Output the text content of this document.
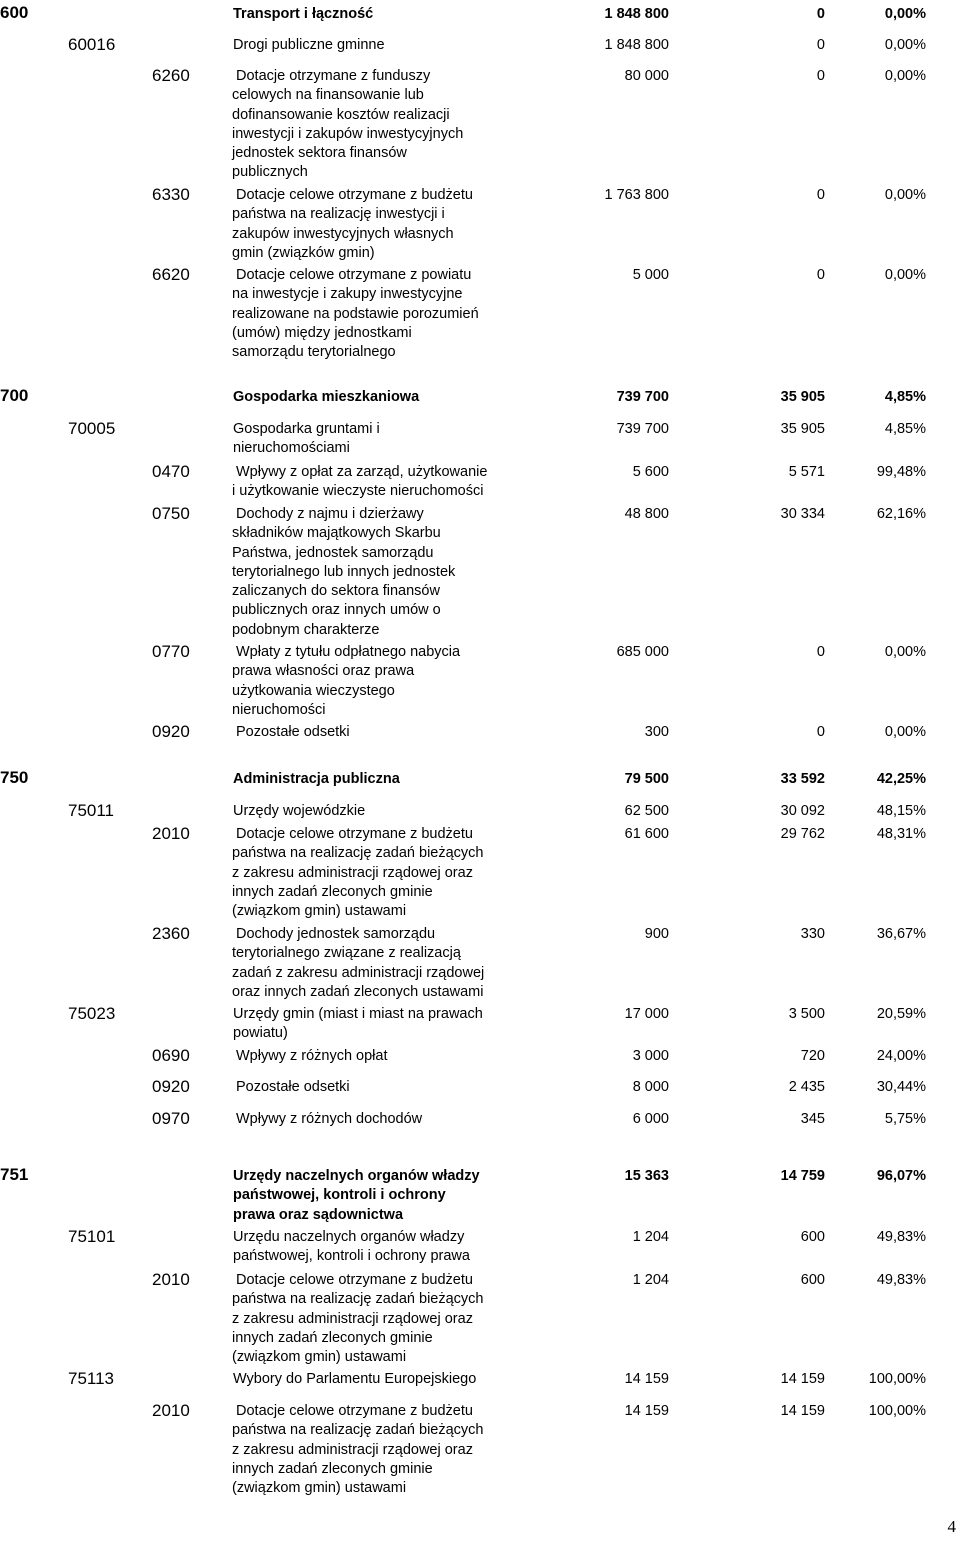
600	Transport i łączność	1 848 800	0	0,00%
60016	Drogi publiczne gminne	1 848 800	0	0,00%
6260	Dotacje otrzymane z funduszy
celowych na finansowanie lub
dofinansowanie kosztów realizacji
inwestycji i zakupów inwestycyjnych
jednostek sektora finansów
publicznych
80 000	0	0,00%
6330	Dotacje celowe otrzymane z budżetu
państwa na realizację inwestycji i
zakupów inwestycyjnych własnych
gmin (związków gmin)
1 763 800	0	0,00%
6620	Dotacje celowe otrzymane z powiatu
na inwestycje i zakupy inwestycyjne
realizowane na podstawie porozumień
(umów) między jednostkami
samorządu terytorialnego
5 000	0	0,00%
700	Gospodarka mieszkaniowa	739 700	35 905	4,85%
70005	Gospodarka gruntami i
nieruchomościami
739 700	35 905	4,85%
0470	Wpływy z opłat za zarząd, użytkowanie
i użytkowanie wieczyste nieruchomości
5 600	5 571	99,48%
0750	Dochody z najmu i dzierżawy
składników majątkowych Skarbu
Państwa, jednostek samorządu
terytorialnego lub innych jednostek
zaliczanych do sektora finansów
publicznych oraz innych umów o
podobnym charakterze
48 800	30 334	62,16%
0770	Wpłaty z tytułu odpłatnego nabycia
prawa własności oraz prawa
użytkowania wieczystego
nieruchomości
685 000	0	0,00%
0920	Pozostałe odsetki	300	0	0,00%
750	Administracja publiczna	79 500	33 592	42,25%
75011	Urzędy wojewódzkie	62 500	30 092	48,15%
2010	Dotacje celowe otrzymane z budżetu
państwa na realizację zadań bieżących
z zakresu administracji rządowej oraz
innych zadań zleconych gminie
(związkom gmin) ustawami
61 600	29 762	48,31%
2360	Dochody jednostek samorządu
terytorialnego związane z realizacją
zadań z zakresu administracji rządowej
oraz innych zadań zleconych ustawami
900	330	36,67%
75023	Urzędy gmin (miast i miast na prawach
powiatu)
17 000	3 500	20,59%
0690	Wpływy z różnych opłat	3 000	720	24,00%
0920	Pozostałe odsetki	8 000	2 435	30,44%
0970	Wpływy z różnych dochodów	6 000	345	5,75%
751	Urzędy naczelnych organów władzy
państwowej, kontroli i ochrony
prawa oraz sądownictwa
15 363	14 759	96,07%
75101	Urzędu naczelnych organów władzy
państwowej, kontroli i ochrony prawa
1 204	600	49,83%
2010	Dotacje celowe otrzymane z budżetu
państwa na realizację zadań bieżących
z zakresu administracji rządowej oraz
innych zadań zleconych gminie
(związkom gmin) ustawami
1 204	600	49,83%
75113	Wybory do Parlamentu Europejskiego	14 159	14 159	100,00%
2010	Dotacje celowe otrzymane z budżetu
państwa na realizację zadań bieżących
z zakresu administracji rządowej oraz
innych zadań zleconych gminie
(związkom gmin) ustawami
14 159	14 159	100,00%
4
